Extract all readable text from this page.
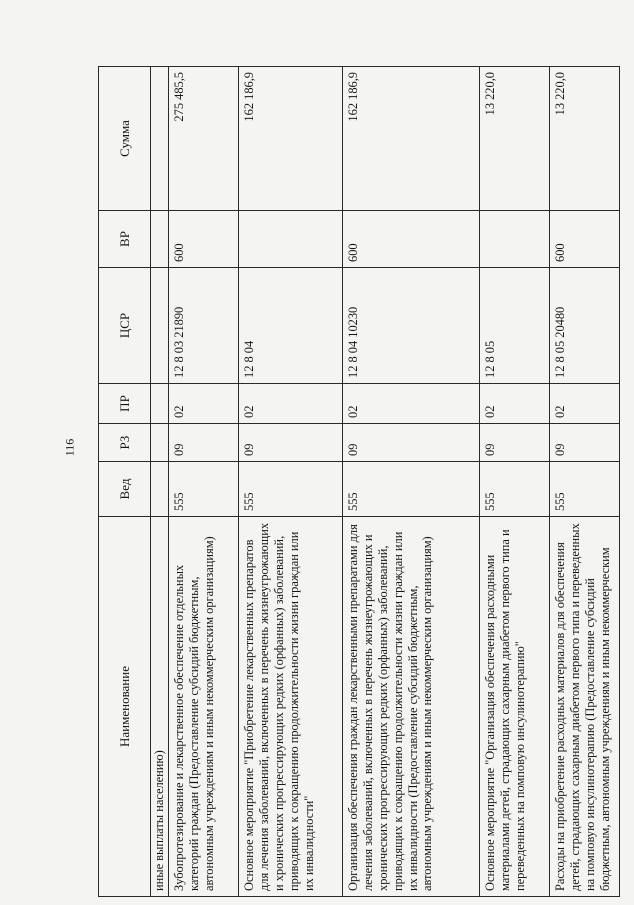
116
Наименование	Вед	РЗ	ПР	ЦСР	ВР	Сумма
иные выплаты населению)						
Зубопротезирование и лекарственное обеспечение отдельных категорий граждан (Предоставление субсидий бюджетным, автономным учреждениям и иным некоммерческим организациям)	555	09	02	12 8 03 21890	600	275 485,5
Основное мероприятие "Приобретение лекарственных препаратов для лечения заболеваний, включенных в перечень жизнеугрожающих и хронических прогрессирующих редких (орфанных) заболеваний, приводящих к сокращению продолжительности жизни граждан или их инвалидности"	555	09	02	12 8 04		162 186,9
Организация обеспечения граждан лекарственными препаратами для лечения заболеваний, включенных в перечень жизнеугрожающих и хронических прогрессирующих редких (орфанных) заболеваний, приводящих к сокращению продолжительности жизни граждан или их инвалидности (Предоставление субсидий бюджетным, автономным учреждениям и иным некоммерческим организациям)	555	09	02	12 8 04 10230	600	162 186,9
Основное мероприятие "Организация обеспечения расходными материалами детей, страдающих сахарным диабетом первого типа и переведенных на помповую инсулинотерапию"	555	09	02	12 8 05		13 220,0
Расходы на приобретение расходных материалов для обеспечения детей, страдающих сахарным диабетом первого типа и переведенных на помповую инсулинотерапию (Предоставление субсидий бюджетным, автономным учреждениям и иным некоммерческим	555	09	02	12 8 05 20480	600	13 220,0
